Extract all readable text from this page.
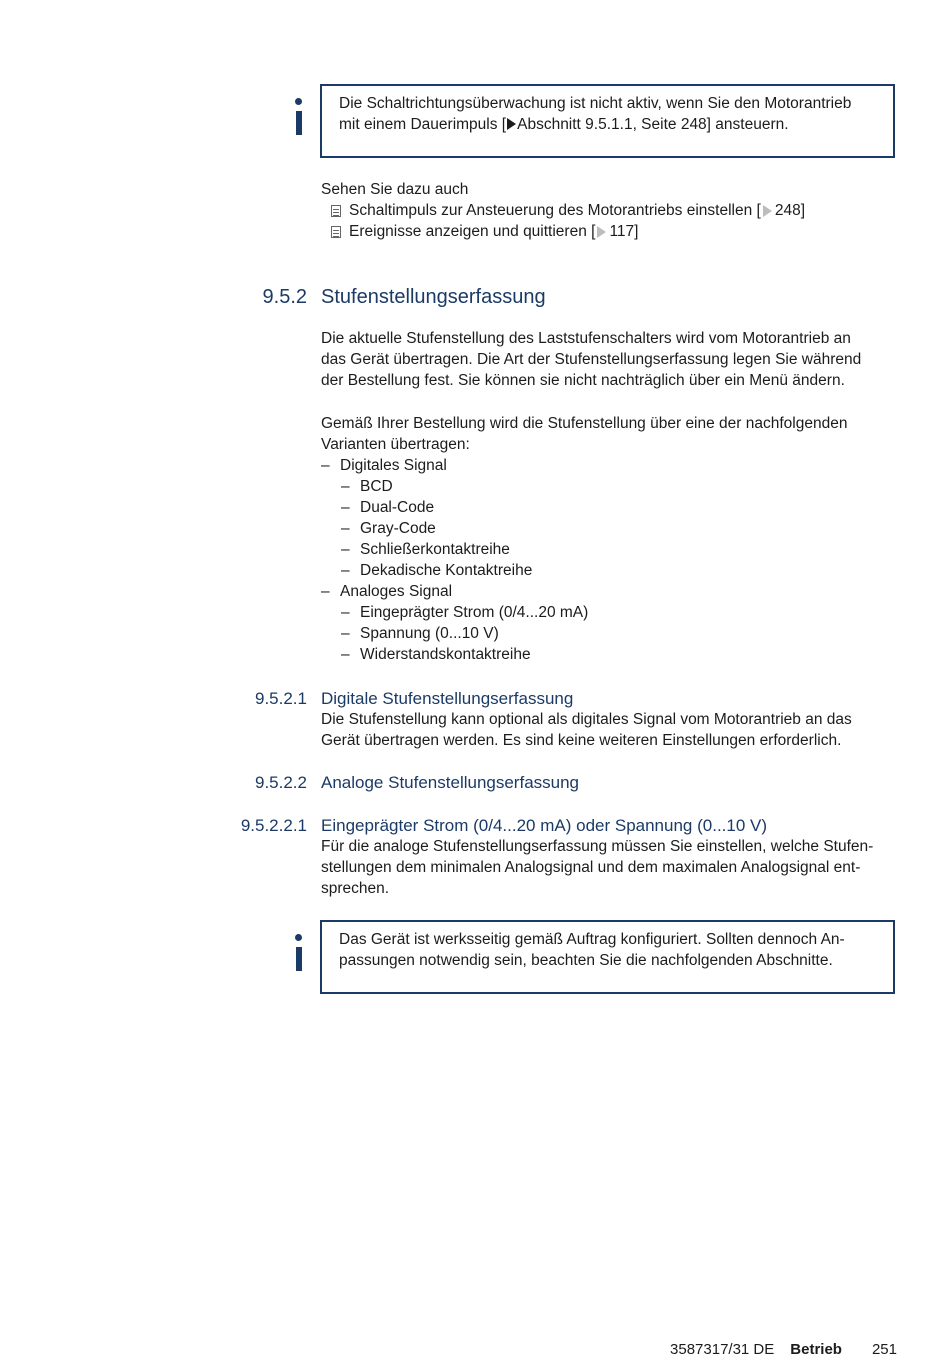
Die Schaltrichtungsüberwachung ist nicht aktiv, wenn Sie den Motorantrieb
mit einem Dauerimpuls [ Abschnitt 9.5.1.1, Seite 248] ansteuern.
Sehen Sie dazu auch
Schaltimpuls zur Ansteuerung des Motorantriebs einstellen [ 248]
Ereignisse anzeigen und quittieren [ 117]
9.5.2 Stufenstellungserfassung
Die aktuelle Stufenstellung des Laststufenschalters wird vom Motorantrieb an
das Gerät übertragen. Die Art der Stufenstellungserfassung legen Sie während
der Bestellung fest. Sie können sie nicht nachträglich über ein Menü ändern.
Gemäß Ihrer Bestellung wird die Stufenstellung über eine der nachfolgenden
Varianten übertragen:
– Digitales Signal
– BCD
– Dual-Code
– Gray-Code
– Schließerkontaktreihe
– Dekadische Kontaktreihe
– Analoges Signal
– Eingeprägter Strom (0/4...20 mA)
– Spannung (0...10 V)
– Widerstandskontaktreihe
9.5.2.1 Digitale Stufenstellungserfassung
Die Stufenstellung kann optional als digitales Signal vom Motorantrieb an das
Gerät übertragen werden. Es sind keine weiteren Einstellungen erforderlich.
9.5.2.2 Analoge Stufenstellungserfassung
9.5.2.2.1 Eingeprägter Strom (0/4...20 mA) oder Spannung (0...10 V)
Für die analoge Stufenstellungserfassung müssen Sie einstellen, welche Stufen-
stellungen dem minimalen Analogsignal und dem maximalen Analogsignal ent-
sprechen.
Das Gerät ist werksseitig gemäß Auftrag konfiguriert. Sollten dennoch An-
passungen notwendig sein, beachten Sie die nachfolgenden Abschnitte.
3587317/31 DE Betrieb 251
